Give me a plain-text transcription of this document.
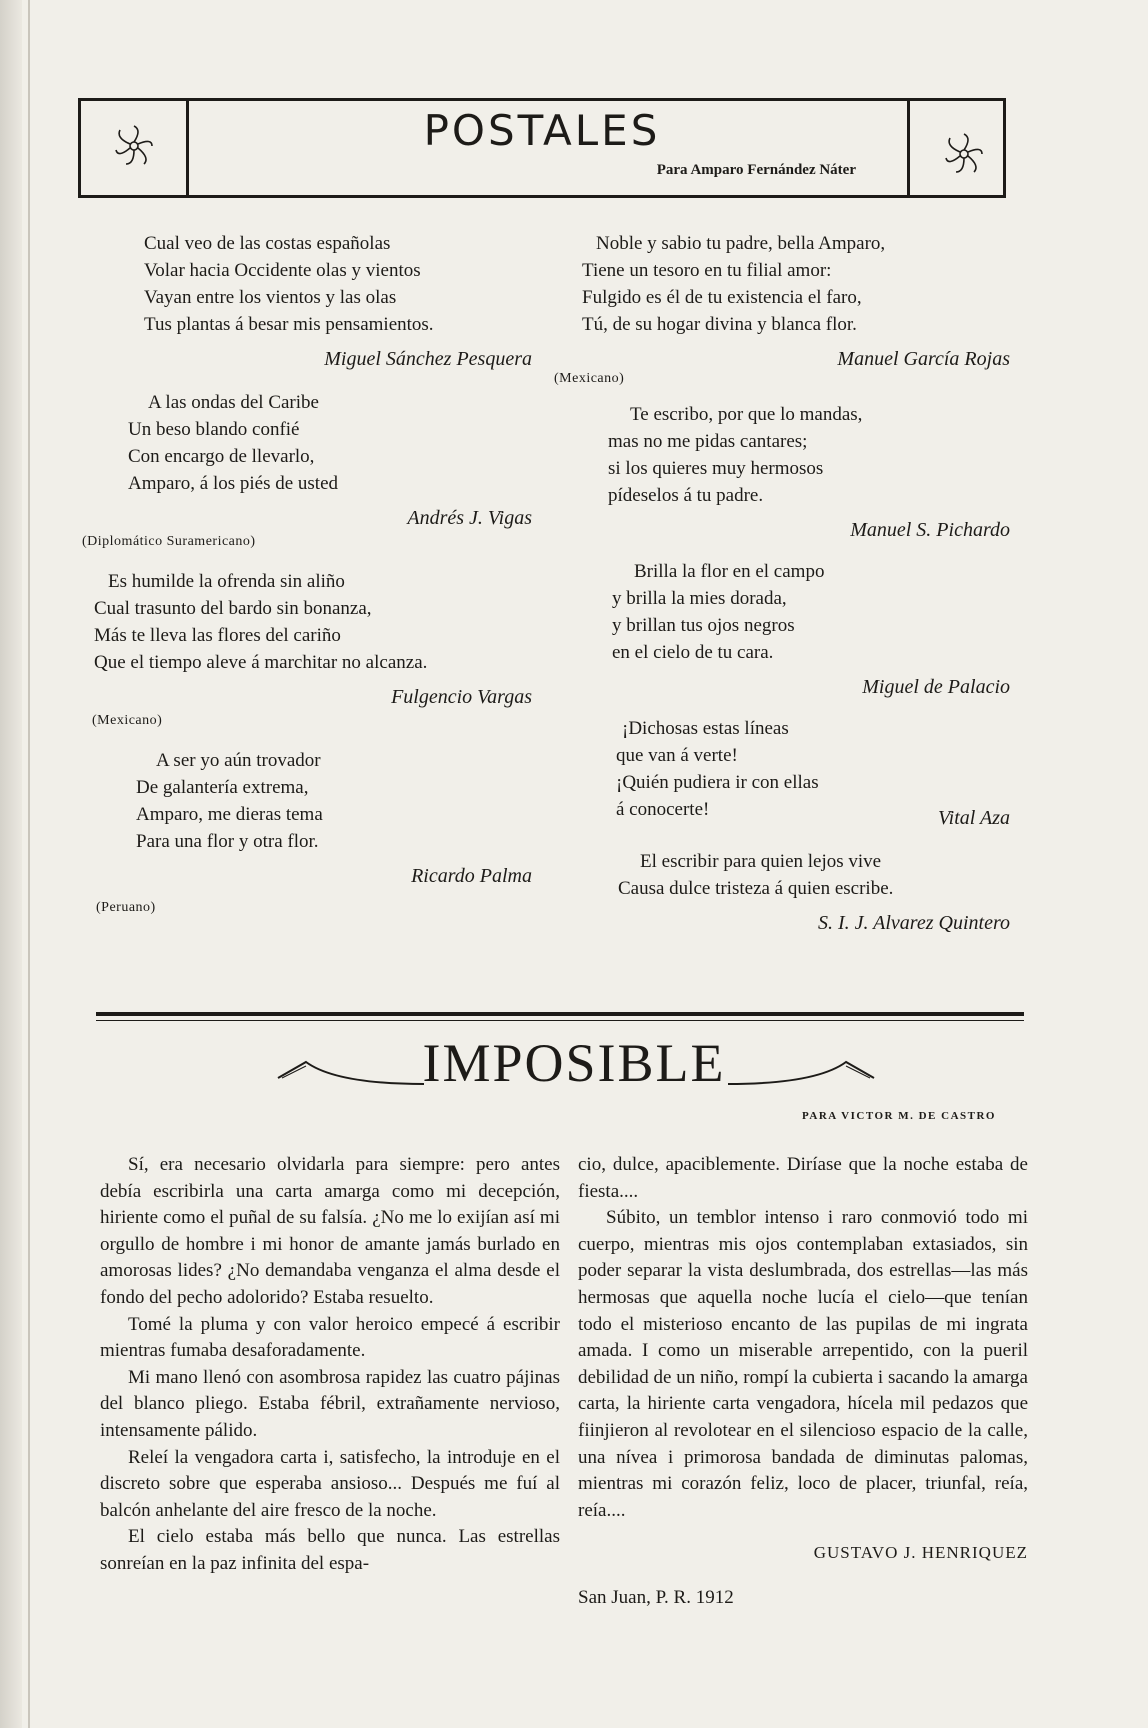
POSTALES
Para Amparo Fernández Náter
Cual veo de las costas españolas
Volar hacia Occidente olas y vientos
Vayan entre los vientos y las olas
Tus plantas á besar mis pensamientos.
Miguel Sánchez Pesquera
A las ondas del Caribe
Un beso blando confié
Con encargo de llevarlo,
Amparo, á los piés de usted
Andrés J. Vigas
(Diplomático Suramericano)
Es humilde la ofrenda sin aliño
Cual trasunto del bardo sin bonanza,
Más te lleva las flores del cariño
Que el tiempo aleve á marchitar no alcanza.
Fulgencio Vargas
(Mexicano)
A ser yo aún trovador
De galantería extrema,
Amparo, me dieras tema
Para una flor y otra flor.
Ricardo Palma
(Peruano)
Noble y sabio tu padre, bella Amparo,
Tiene un tesoro en tu filial amor:
Fulgido es él de tu existencia el faro,
Tú, de su hogar divina y blanca flor.
Manuel García Rojas
(Mexicano)
Te escribo, por que lo mandas,
mas no me pidas cantares;
si los quieres muy hermosos
pídeselos á tu padre.
Manuel S. Pichardo
Brilla la flor en el campo
y brilla la mies dorada,
y brillan tus ojos negros
en el cielo de tu cara.
Miguel de Palacio
¡Dichosas estas líneas
que van á verte!
¡Quién pudiera ir con ellas
á conocerte!	Vital Aza
El escribir para quien lejos vive
Causa dulce tristeza á quien escribe.
S. I. J. Alvarez Quintero
IMPOSIBLE
PARA VICTOR M. DE CASTRO

Sí, era necesario olvidarla para siempre: pero antes debía escribirla una carta amarga como mi decepción, hiriente como el puñal de su falsía. ¿No me lo exijían así mi orgullo de hombre i mi honor de amante jamás burlado en amorosas lides? ¿No demandaba venganza el alma desde el fondo del pecho adolorido? Estaba resuelto.

Tomé la pluma y con valor heroico empecé á escribir mientras fumaba desaforadamente.

Mi mano llenó con asombrosa rapidez las cuatro pájinas del blanco pliego. Estaba fébril, extrañamente nervioso, intensamente pálido.

Releí la vengadora carta i, satisfecho, la introduje en el discreto sobre que esperaba ansioso... Después me fuí al balcón anhelante del aire fresco de la noche.

El cielo estaba más bello que nunca. Las estrellas sonreían en la paz infinita del espa-

cio, dulce, apaciblemente. Diríase que la noche estaba de fiesta....

Súbito, un temblor intenso i raro conmovió todo mi cuerpo, mientras mis ojos contemplaban extasiados, sin poder separar la vista deslumbrada, dos estrellas—las más hermosas que aquella noche lucía el cielo—que tenían todo el misterioso encanto de las pupilas de mi ingrata amada. I como un miserable arrepentido, con la pueril debilidad de un niño, rompí la cubierta i sacando la amarga carta, la hiriente carta vengadora, hícela mil pedazos que fiinjieron al revolotear en el silencioso espacio de la calle, una nívea i primorosa bandada de diminutas palomas, mientras mi corazón feliz, loco de placer, triunfal, reía, reía....

GUSTAVO J. HENRIQUEZ
San Juan, P. R. 1912
